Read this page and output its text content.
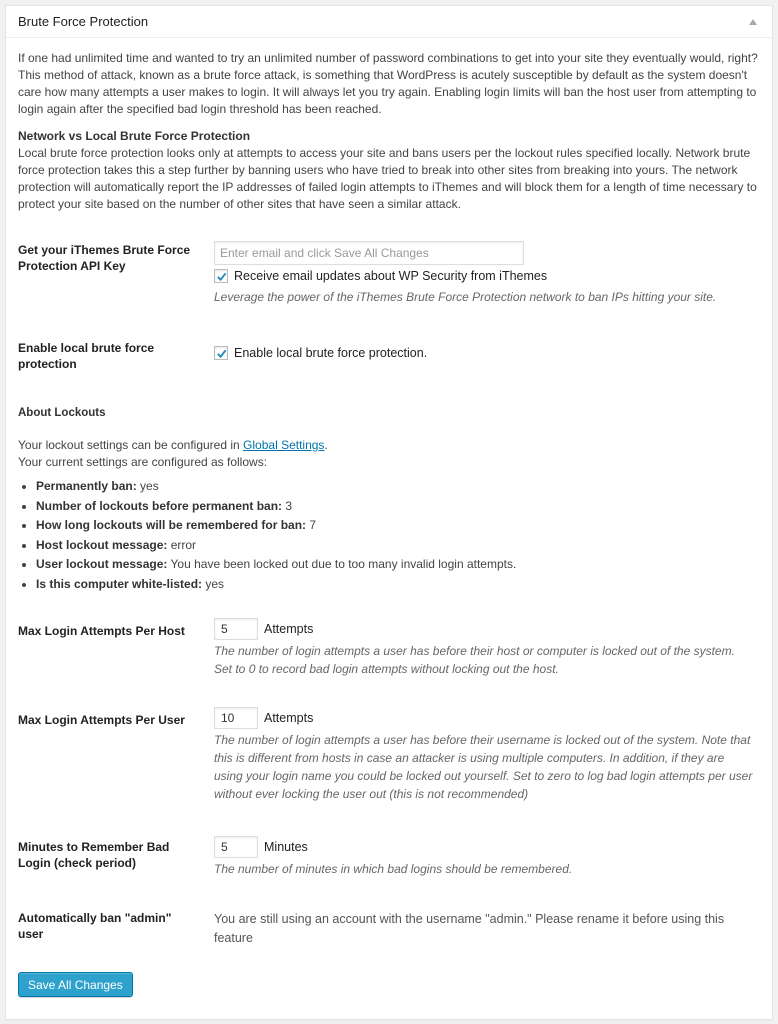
Brute Force Protection

If one had unlimited time and wanted to try an unlimited number of password combinations to get into your site they eventually would, right? This method of attack, known as a brute force attack, is something that WordPress is acutely susceptible by default as the system doesn't care how many attempts a user makes to login. It will always let you try again. Enabling login limits will ban the host user from attempting to login again after the specified bad login threshold has been reached.

Network vs Local Brute Force Protection

Local brute force protection looks only at attempts to access your site and bans users per the lockout rules specified locally. Network brute force protection takes this a step further by banning users who have tried to break into other sites from breaking into yours. The network protection will automatically report the IP addresses of failed login attempts to iThemes and will block them for a length of time necessary to protect your site based on the number of other sites that have seen a similar attack.

Get your iThemes Brute Force Protection API Key
Enter email and click Save All Changes
Receive email updates about WP Security from iThemes
Leverage the power of the iThemes Brute Force Protection network to ban IPs hitting your site.
Enable local brute force protection
Enable local brute force protection.

About Lockouts

Your lockout settings can be configured in Global Settings.

Your current settings are configured as follows:

• Permanently ban: yes
• Number of lockouts before permanent ban: 3
• How long lockouts will be remembered for ban: 7
• Host lockout message: error
• User lockout message: You have been locked out due to too many invalid login attempts.
• Is this computer white-listed: yes
Max Login Attempts Per Host
5	Attempts
The number of login attempts a user has before their host or computer is locked out of the system. Set to 0 to record bad login attempts without locking out the host.
Max Login Attempts Per User
10	Attempts
The number of login attempts a user has before their username is locked out of the system. Note that this is different from hosts in case an attacker is using multiple computers. In addition, if they are using your login name you could be locked out yourself. Set to zero to log bad login attempts per user without ever locking the user out (this is not recommended)
Minutes to Remember Bad Login (check period)
5
Minutes
The number of minutes in which bad logins should be remembered.
Automatically ban "admin" user
You are still using an account with the username "admin." Please rename it before using this feature
Save All Changes
